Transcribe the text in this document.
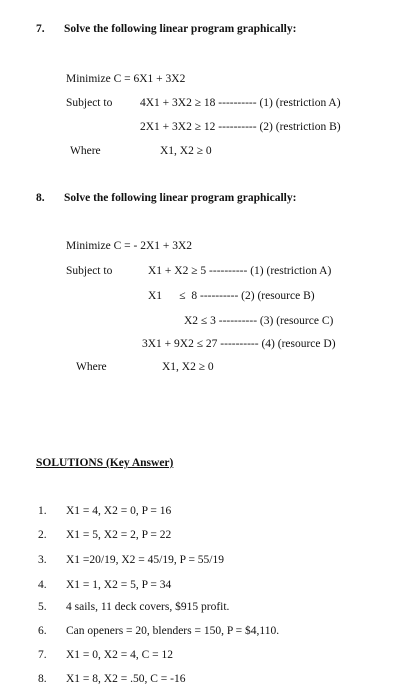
7. Solve the following linear program graphically:
Minimize C = 6X1 + 3X2
Subject to 4X1 + 3X2 ≥ 18 ---------- (1) (restriction A)
2X1 + 3X2 ≥ 12 ---------- (2) (restriction B)
Where	X1, X2 ≥ 0
8. Solve the following linear program graphically:
Minimize C = - 2X1 + 3X2
Subject to	X1 + X2 ≥ 5 ---------- (1) (restriction A)
X1      ≤  8 ---------- (2) (resource B)
X2 ≤ 3 ---------- (3) (resource C)
3X1 + 9X2 ≤ 27 ---------- (4) (resource D)
Where	X1, X2 ≥ 0
SOLUTIONS (Key Answer)
1. X1 = 4, X2 = 0, P = 16
2. X1 = 5, X2 = 2, P = 22
3. X1 =20/19, X2 = 45/19, P = 55/19
4. X1 = 1, X2 = 5, P = 34
5. 4 sails, 11 deck covers, $915 profit.
6. Can openers = 20, blenders = 150, P = $4,110.
7. X1 = 0, X2 = 4, C = 12
8. X1 = 8, X2 = .50, C = -16
